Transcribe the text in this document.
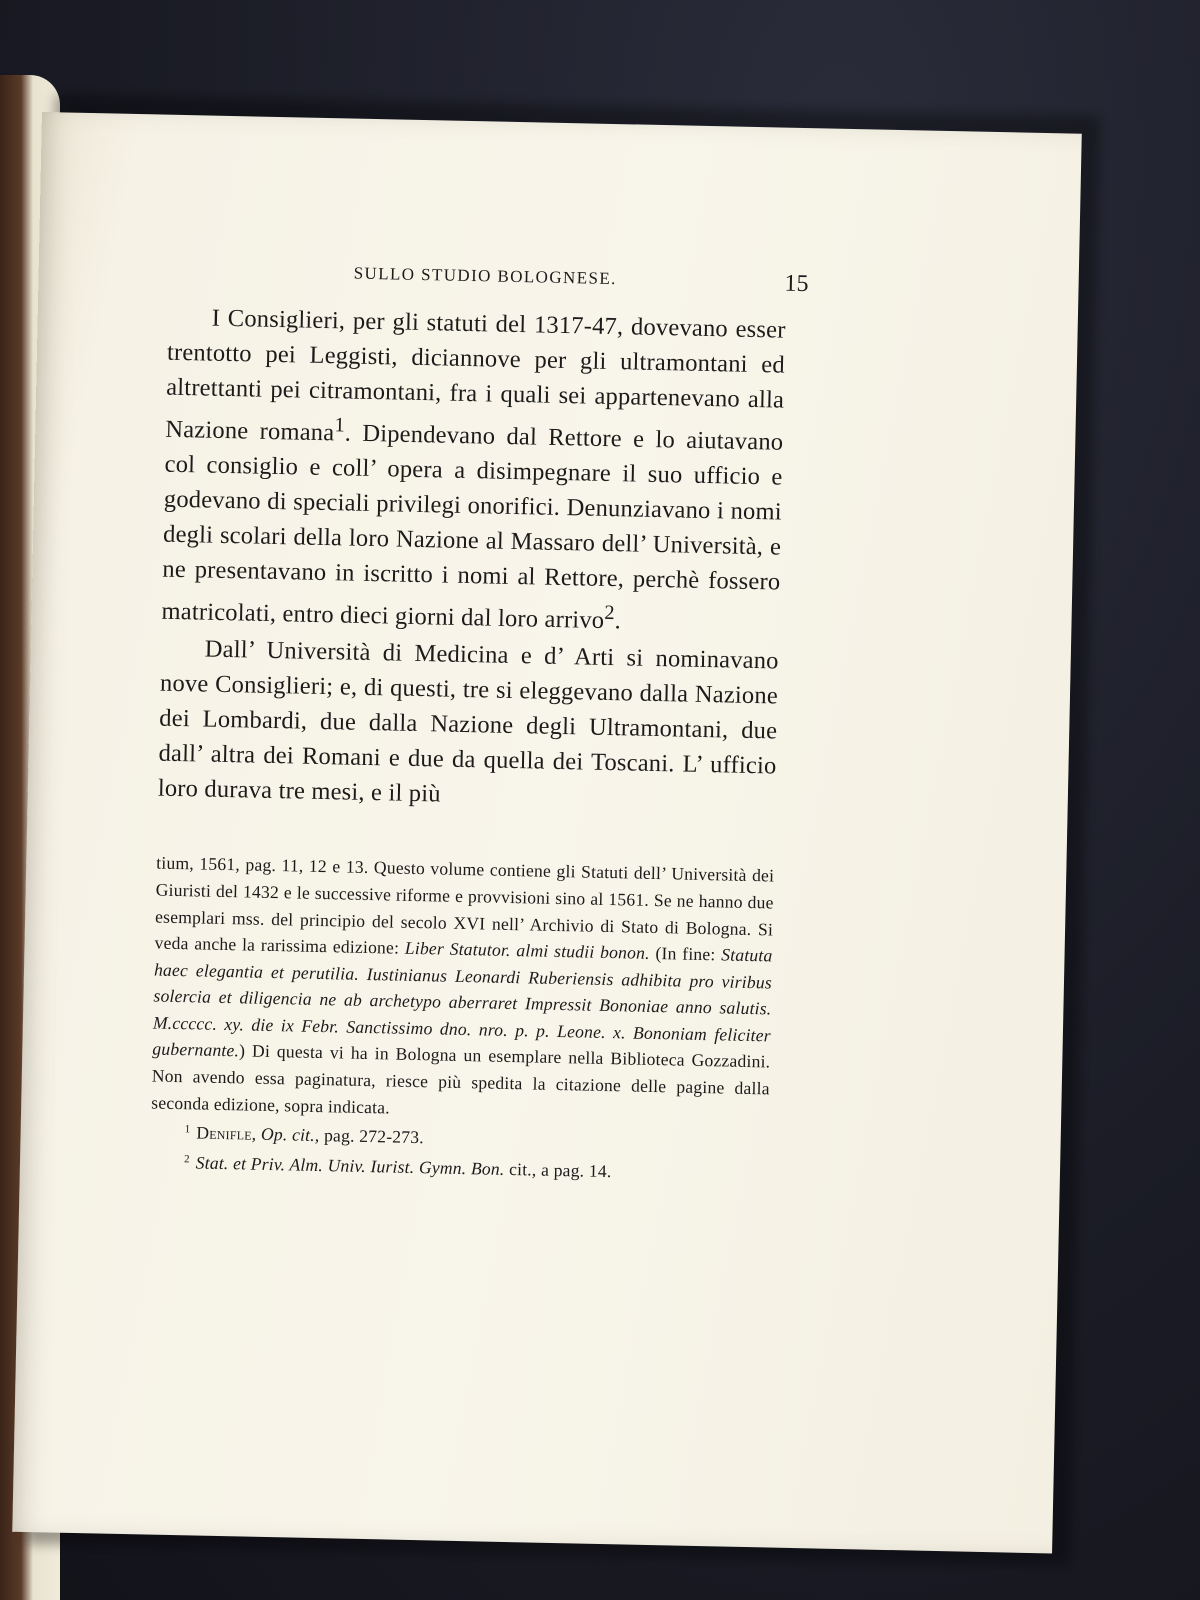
SULLO STUDIO BOLOGNESE.	15

I Consiglieri, per gli statuti del 1317-47, dovevano esser trentotto pei Leggisti, diciannove per gli ultramontani ed altrettanti pei citramontani, fra i quali sei appartenevano alla Nazione romana$^1$. Dipendevano dal Rettore e lo aiutavano col consiglio e coll’ opera a disimpegnare il suo ufficio e godevano di speciali privilegi onorifici. Denunziavano i nomi degli scolari della loro Nazione al Massaro dell’ Università, e ne presentavano in iscritto i nomi al Rettore, perchè fossero matricolati, entro dieci giorni dal loro arrivo$^2$.

Dall’ Università di Medicina e d’ Arti si nominavano nove Consiglieri; e, di questi, tre si eleggevano dalla Nazione dei Lombardi, due dalla Nazione degli Ultramontani, due dall’ altra dei Romani e due da quella dei Toscani. L’ ufficio loro durava tre mesi, e il più

tium, 1561, pag. 11, 12 e 13. Questo volume contiene gli Statuti dell’ Università dei Giuristi del 1432 e le successive riforme e provvisioni sino al 1561. Se ne hanno due esemplari mss. del principio del secolo XVI nell’ Archivio di Stato di Bologna. Si veda anche la rarissima edizione: Liber Statutor. almi studii bonon. (In fine: Statuta haec elegantia et perutilia. Iustinianus Leonardi Ruberiensis adhibita pro viribus solercia et diligencia ne ab archetypo aberraret Impressit Bononiae anno salutis. M.ccccc. xy. die ix Febr. Sanctissimo dno. nro. p. p. Leone. x. Bononiam feliciter gubernante.) Di questa vi ha in Bologna un esemplare nella Biblioteca Gozzadini. Non avendo essa paginatura, riesce più spedita la citazione delle pagine dalla seconda edizione, sopra indicata.

$^1$ Denifle, Op. cit., pag. 272-273.

$^2$ Stat. et Priv. Alm. Univ. Iurist. Gymn. Bon. cit., a pag. 14.
